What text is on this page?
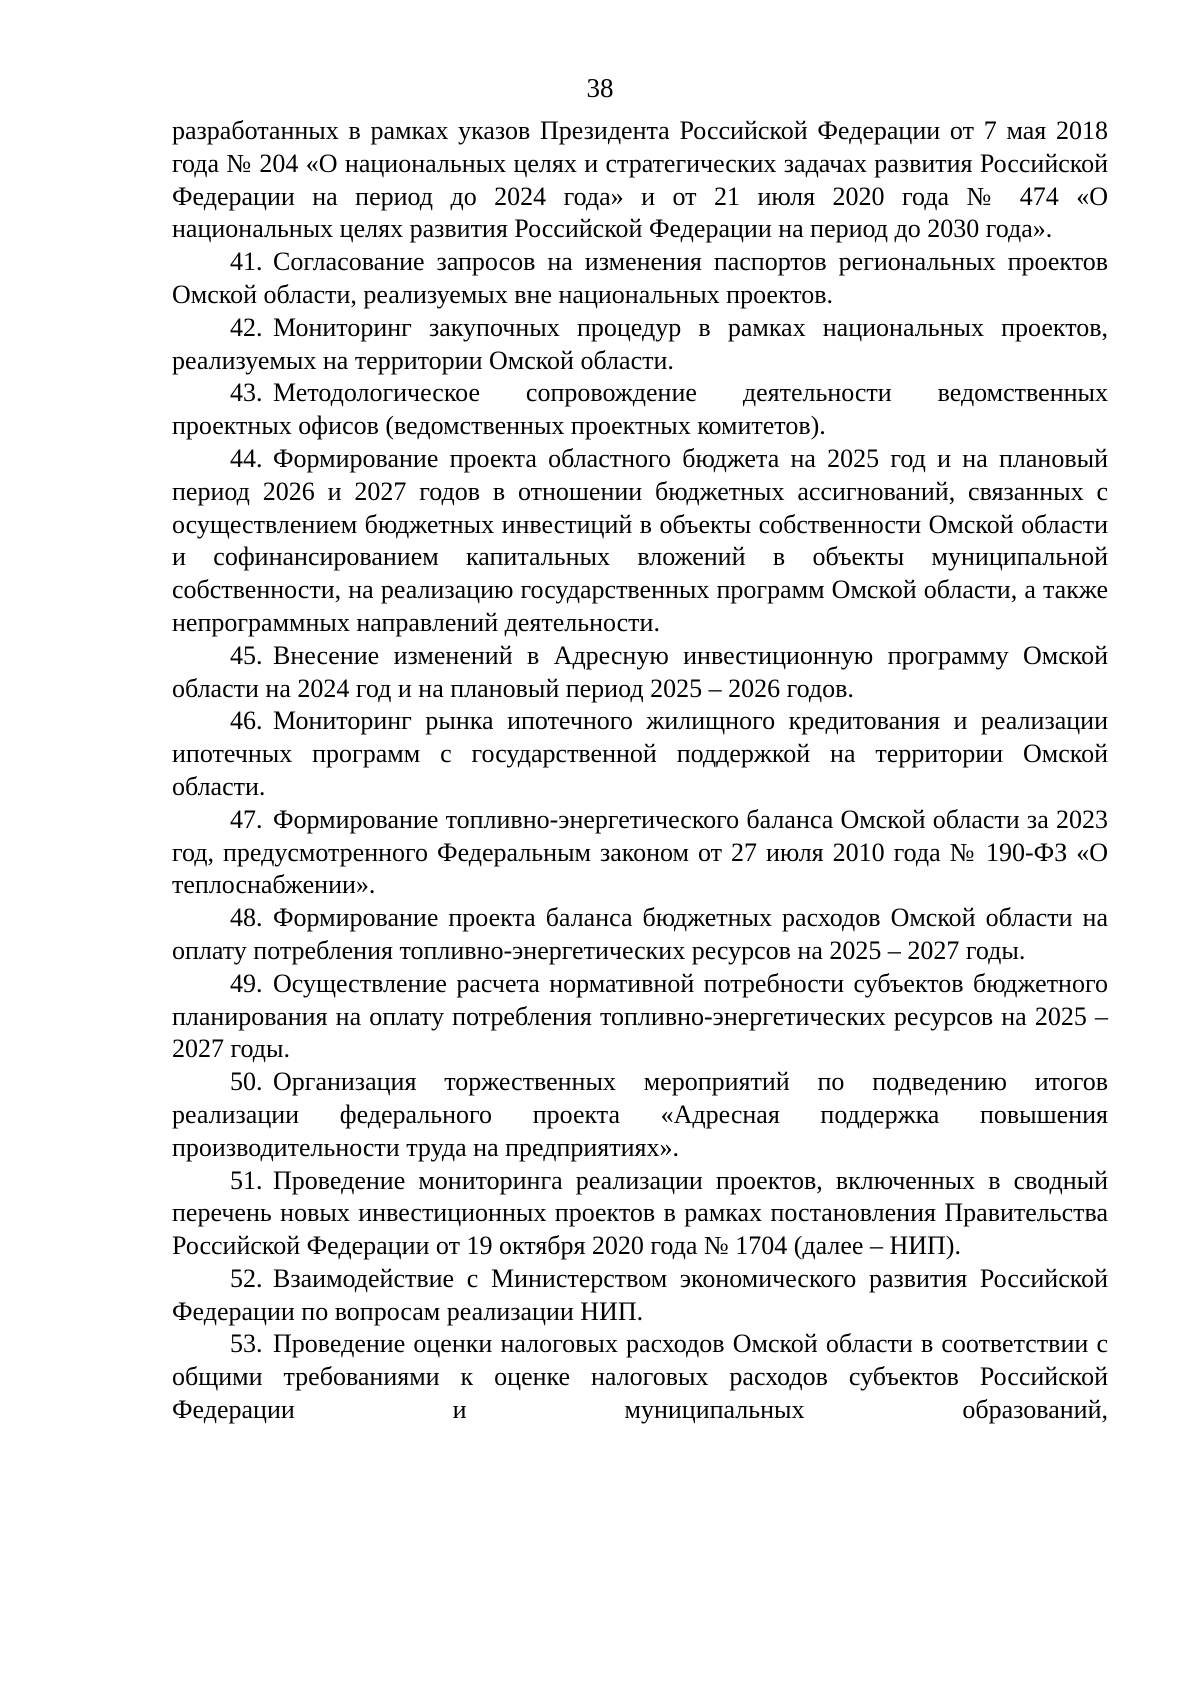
38

разработанных в рамках указов Президента Российской Федерации от 7 мая 2018 года № 204 «О национальных целях и стратегических задачах развития Российской Федерации на период до 2024 года» и от 21 июля 2020 года № 474 «О национальных целях развития Российской Федерации на период до 2030 года».

41. Согласование запросов на изменения паспортов региональных проектов Омской области, реализуемых вне национальных проектов.

42. Мониторинг закупочных процедур в рамках национальных проектов, реализуемых на территории Омской области.

43. Методологическое сопровождение деятельности ведомственных проектных офисов (ведомственных проектных комитетов).

44. Формирование проекта областного бюджета на 2025 год и на плановый период 2026 и 2027 годов в отношении бюджетных ассигнований, связанных с осуществлением бюджетных инвестиций в объекты собственности Омской области и софинансированием капитальных вложений в объекты муниципальной собственности, на реализацию государственных программ Омской области, а также непрограммных направлений деятельности.

45. Внесение изменений в Адресную инвестиционную программу Омской области на 2024 год и на плановый период 2025 – 2026 годов.

46. Мониторинг рынка ипотечного жилищного кредитования и реализации ипотечных программ с государственной поддержкой на территории Омской области.

47. Формирование топливно-энергетического баланса Омской области за 2023 год, предусмотренного Федеральным законом от 27 июля 2010 года № 190-ФЗ «О теплоснабжении».

48. Формирование проекта баланса бюджетных расходов Омской области на оплату потребления топливно-энергетических ресурсов на 2025 – 2027 годы.

49. Осуществление расчета нормативной потребности субъектов бюджетного планирования на оплату потребления топливно-энергетических ресурсов на 2025 – 2027 годы.

50. Организация торжественных мероприятий по подведению итогов реализации федерального проекта «Адресная поддержка повышения производительности труда на предприятиях».

51. Проведение мониторинга реализации проектов, включенных в сводный перечень новых инвестиционных проектов в рамках постановления Правительства Российской Федерации от 19 октября 2020 года № 1704 (далее – НИП).

52. Взаимодействие с Министерством экономического развития Российской Федерации по вопросам реализации НИП.

53. Проведение оценки налоговых расходов Омской области в соответствии с общими требованиями к оценке налоговых расходов субъектов Российской Федерации и муниципальных образований,
